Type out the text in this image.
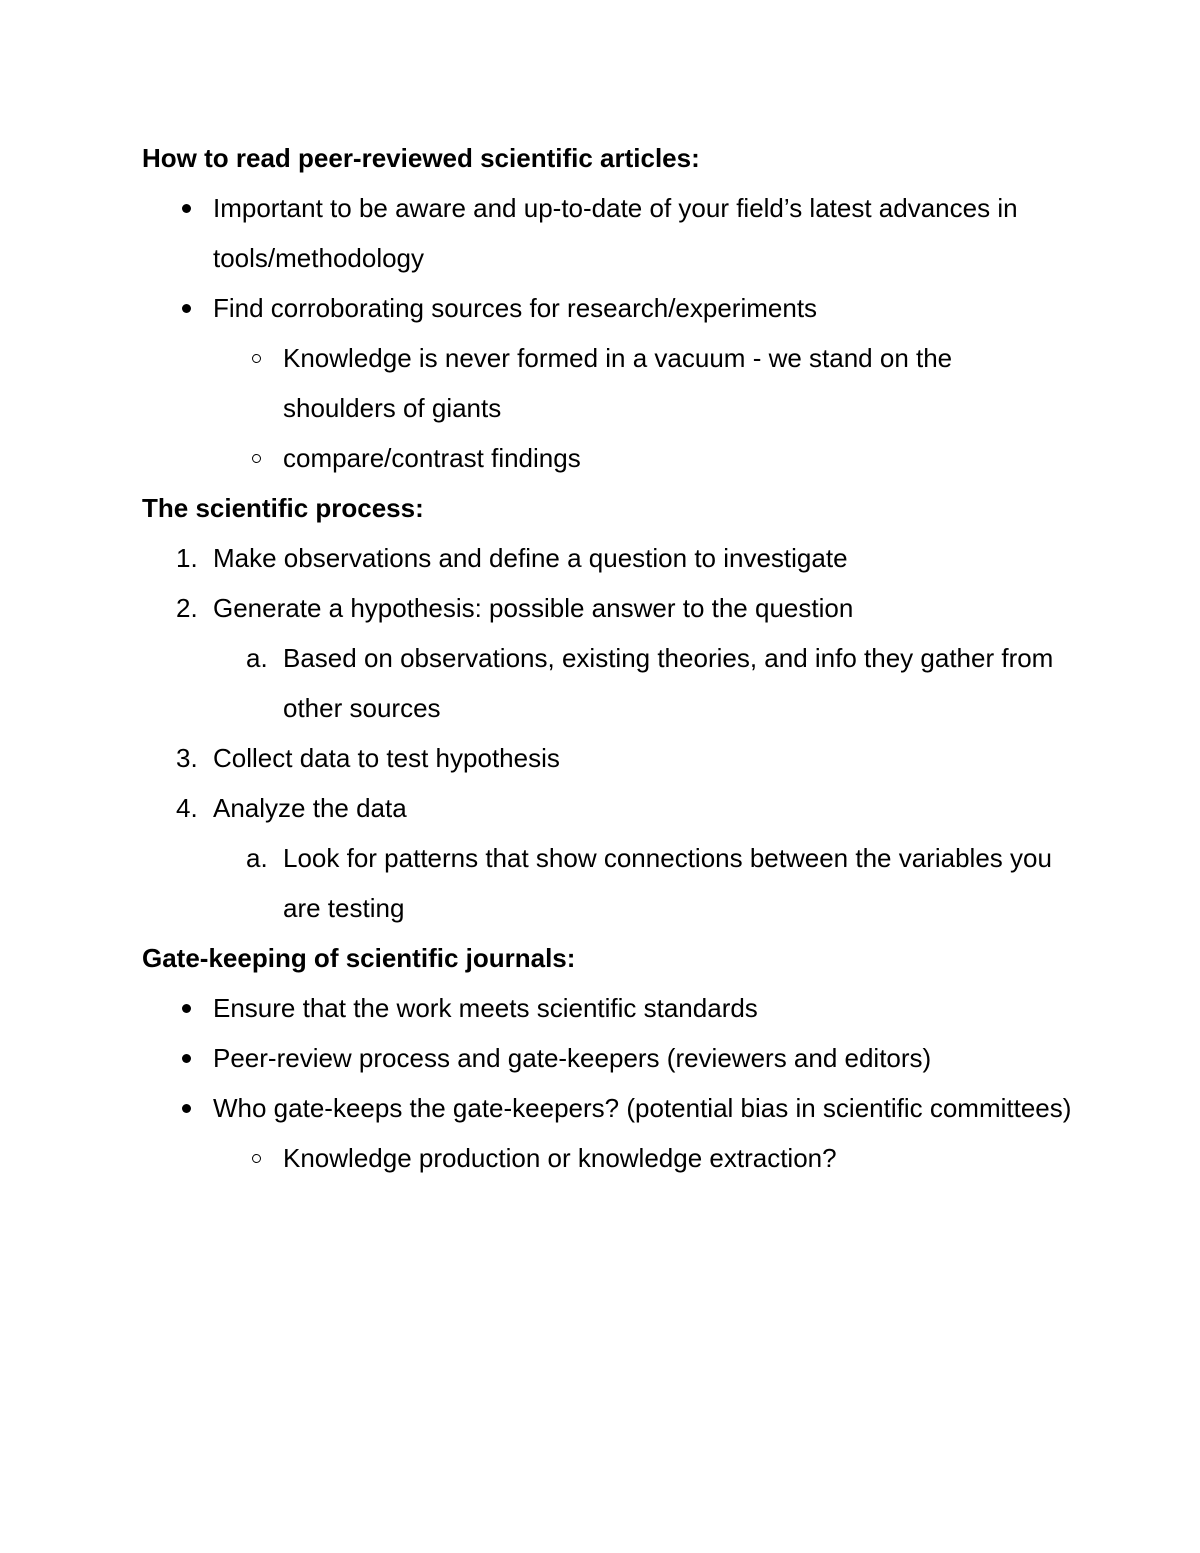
How to read peer-reviewed scientific articles:
Important to be aware and up-to-date of your field’s latest advances in tools/methodology
Find corroborating sources for research/experiments
Knowledge is never formed in a vacuum - we stand on the shoulders of giants
compare/contrast findings
The scientific process:
1. Make observations and define a question to investigate
2. Generate a hypothesis: possible answer to the question
a. Based on observations, existing theories, and info they gather from other sources
3. Collect data to test hypothesis
4. Analyze the data
a. Look for patterns that show connections between the variables you are testing
Gate-keeping of scientific journals:
Ensure that the work meets scientific standards
Peer-review process and gate-keepers (reviewers and editors)
Who gate-keeps the gate-keepers? (potential bias in scientific committees)
Knowledge production or knowledge extraction?
